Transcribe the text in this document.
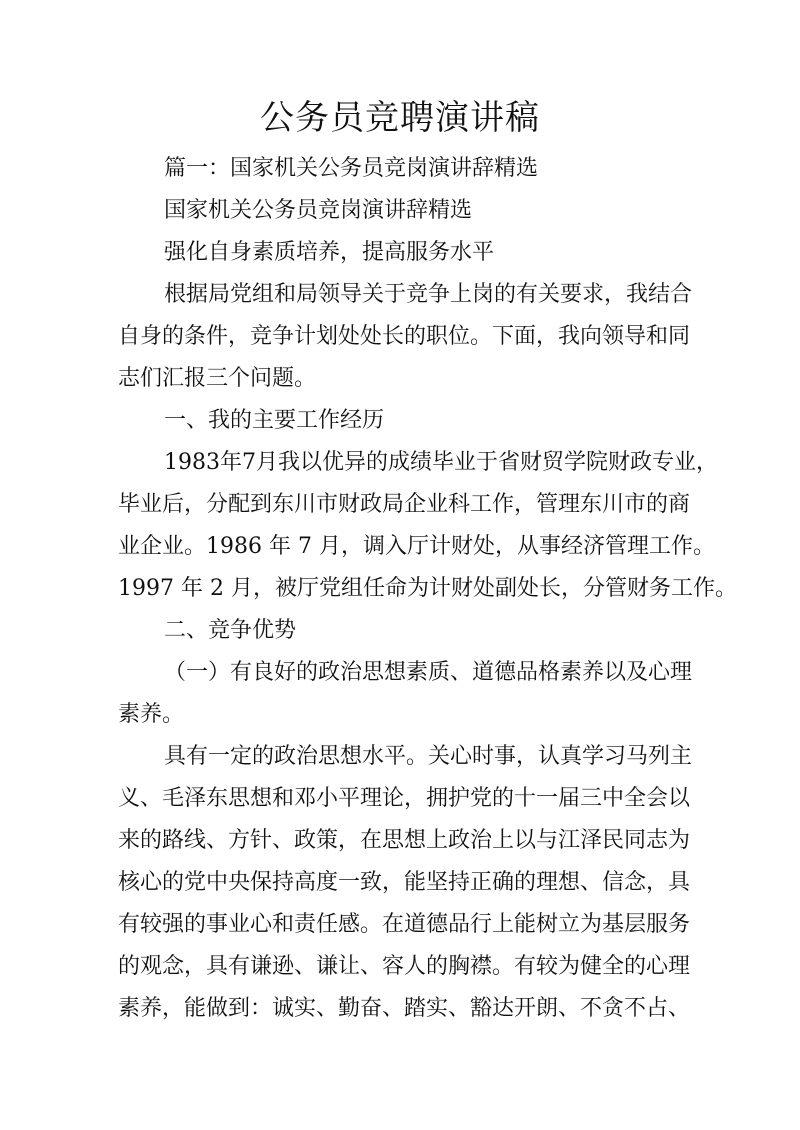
公务员竞聘演讲稿

篇一：国家机关公务员竞岗演讲辞精选

国家机关公务员竞岗演讲辞精选

强化自身素质培养，提高服务水平

根据局党组和局领导关于竞争上岗的有关要求，我结合

自身的条件，竞争计划处处长的职位。下面，我向领导和同

志们汇报三个问题。

一、我的主要工作经历

1983年7月我以优异的成绩毕业于省财贸学院财政专业，

毕业后，分配到东川市财政局企业科工作，管理东川市的商

业企业。1986 年 7 月，调入厅计财处，从事经济管理工作。

1997 年 2 月，被厅党组任命为计财处副处长，分管财务工作。

二、竞争优势

（一）有良好的政治思想素质、道德品格素养以及心理

素养。

具有一定的政治思想水平。关心时事，认真学习马列主

义、毛泽东思想和邓小平理论，拥护党的十一届三中全会以

来的路线、方针、政策，在思想上政治上以与江泽民同志为

核心的党中央保持高度一致，能坚持正确的理想、信念，具

有较强的事业心和责任感。在道德品行上能树立为基层服务

的观念，具有谦逊、谦让、容人的胸襟。有较为健全的心理

素养，能做到：诚实、勤奋、踏实、豁达开朗、不贪不占、
